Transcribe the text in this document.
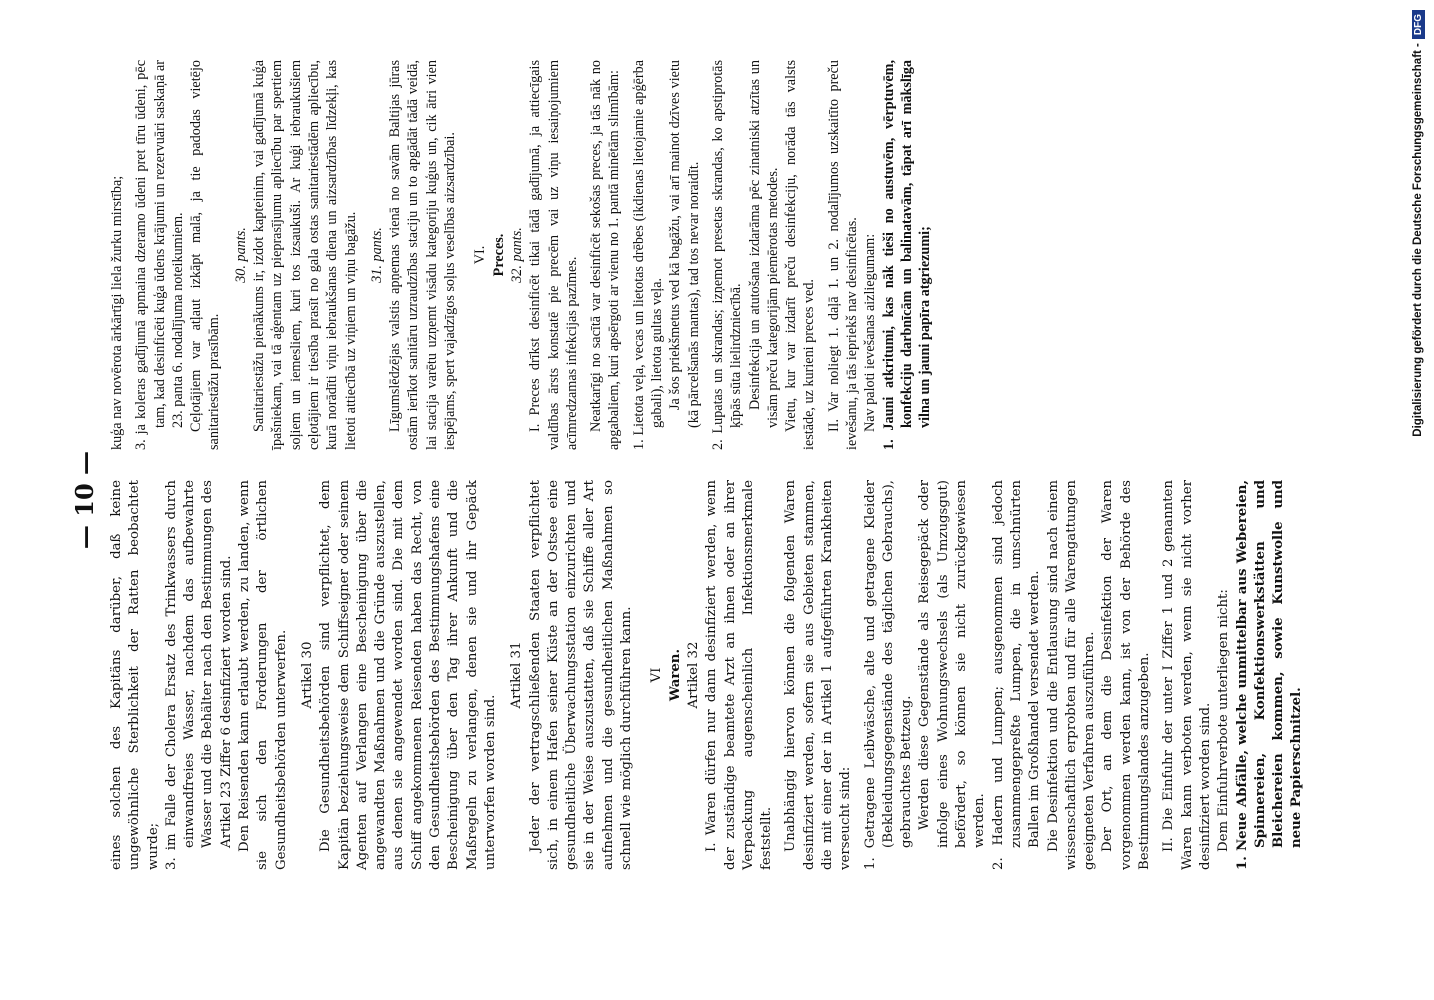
— 10 — eines solchen des Kapitäns darüber, daß keine ungewöhnliche Sterblichkeit der Ratten beobachtet wurde; 3. im Falle der Cholera Ersatz des Trinkwassers durch einwandfreies Wasser, nachdem das aufbewahrte Wasser und die Behälter nach den Bestimmungen des Artikel 23 Ziffer 6 desinfiziert worden sind. Den Reisenden kann erlaubt werden, zu landen, wenn sie sich den Forderungen der örtlichen Gesundheitsbehörden unterwerfen. Artikel 30 Die Gesundheitsbehörden sind verpflichtet, dem Kapitän beziehungsweise dem Schiffseigner oder seinem Agenten auf Verlangen eine Bescheinigung über die angewandten Maßnahmen und die Gründe auszustellen, aus denen sie angewendet worden sind. Die mit dem Schiff angekommenen Reisenden haben das Recht, von den Gesundheitsbehörden des Bestimmungshafens eine Bescheinigung über den Tag ihrer Ankunft und die Maßregeln zu verlangen, denen sie und ihr Gepäck unterworfen worden sind.

Artikel 31 Jeder der vertragschließenden Staaten verpflichtet sich, in einem Hafen seiner Küste an der Ostsee eine gesundheitliche Überwachungsstation einzurichten und sie in der Weise auszustatten, daß sie Schiffe aller Art aufnehmen und die gesundheitlichen Maßnahmen so schnell wie möglich durchführen kann. VI Waren. Artikel 32 I. Waren dürfen nur dann desinfiziert werden, wenn der zuständige beamtete Arzt an ihnen oder an ihrer Verpackung augenscheinlich Infektionsmerkmale feststellt. Unabhängig hiervon können die folgenden Waren desinfiziert werden, sofern sie aus Gebieten stammen, die mit einer der in Artikel 1 aufgeführten Krankheiten verseucht sind: 1. Getragene Leibwäsche, alte und getragene Kleider (Bekleidungsgegenstände des täglichen Gebrauchs), gebrauchtes Bettzeug. Werden diese Gegenstände als Reisegepäck oder infolge eines Wohnungswechsels (als Umzugsgut) befördert, so können sie nicht zurückgewiesen werden. 2. Hadern und Lumpen; ausgenommen sind jedoch zusammengepreßte Lumpen, die in umschnürten Ballen im Großhandel versendet werden. Die Desinfektion und die Entlausung sind nach einem wissenschaftlich erprobten und für alle Warengattungen geeigneten Verfahren auszuführen. Der Ort, an dem die Desinfektion der Waren vorgenommen werden kann, ist von der Behörde des Bestimmungslandes anzugeben. II. Die Einfuhr der unter I Ziffer 1 und 2 genannten Waren kann verboten werden, wenn sie nicht vorher desinfiziert worden sind. Dem Einfuhrverbote unterliegen nicht: 1. Neue Abfälle, welche unmittelbar aus Webereien, Spinnereien, Konfektionswerkstätten und Bleichereien kommen, sowie Kunstwolle und neue Papierschnitzel.

kuģa nav novērota ārkārtīgi liela žurku mirstība; 3. ja koleras gadījumā apmaina dzeramo ūdeni pret tīru ūdeni, pēc tam, kad desinficēti kuģa ūdens krājumi un rezervuāri saskaņā ar 23. panta 6. nodalījuma noteikumiem. Ceļotājiem var atļaut izkāpt malā, ja tie padodas vietējo sanitariestāžu prasībām.

30. pants. Sanitariestāžu pienākums ir, izdot kapteinim, vai gadījumā kuģa īpašniekam, vai tā aģentam uz pieprasījumu apliecību par spertiem soļiem un iemesliem, kuri tos izsaukuši. Ar kuģi iebraukušiem ceļotājiem ir tiesība prasīt no gala ostas sanitariestādēm apliecību, kurā norādīti viņu iebraukšanas diena un aizsardzības līdzekļi, kas lietoti attiecībā uz viņiem un viņu bagāžu. 31. pants. Līgumslēdzējas valstis apņemas vienā no savām Baltijas jūras ostām ierīkot sanitāru uzraudzības staciju un to apgādāt tādā veidā, lai stacija varētu uzņemt visādu kategoriju kuģus un, cik ātri vien iespējams, spert vajadzīgos soļus veselības aizsardzībai. VI. Preces. 32. pants. I. Preces drīkst desinficēt tikai tādā gadījumā, ja attiecīgais valdības ārsts konstatē pie precēm vai uz viņu iesaiņojumiem acīmredzamas infekcijas pazīmes. Neatkarīgi no sacītā var desinficēt sekošas preces, ja tās nāk no apgabaliem, kuri apsērgoti ar vienu no 1. pantā minētām slimībām: 1. Lietota veļa, vecas un lietotas drēbes (ikdienas lietojamie apģērba gabali), lietota gultas veļa. Ja šos priekšmetus ved kā bagāžu, vai arī mainot dzīves vietu (kā pārcelšanās mantas), tad tos nevar noraidīt. 2. Lupatas un skrandas; izņemot presetas skrandas, ko apstiprotās ķīpās sūta lielirdzniecībā. Desinfekcija un atutošana izdarāma pēc zinatniski atzītas un visām preču kategorijām piemērotas metodes. Vietu, kur var izdarīt preču desinfekciju, norāda tās valsts iestāde, uz kurieni preces ved. II. Var noliegt 1. daļā 1. un 2. nodalījumos uzskaitīto preču ievešanu, ja tās iepriekš nav desinficētas. Nav paloti ievešanas aizliegumam: 1. Jauni atkritumi, kas nāk tieši no austuvēm, vērptuvēm, konfekciju darbnīcām un balinatavām, tāpat arī mākslīga vilna un jauni papīra atgriezumi;	Digitalisierung gefördert durch die Deutsche Forschungsgemeinschaft -
DFG
